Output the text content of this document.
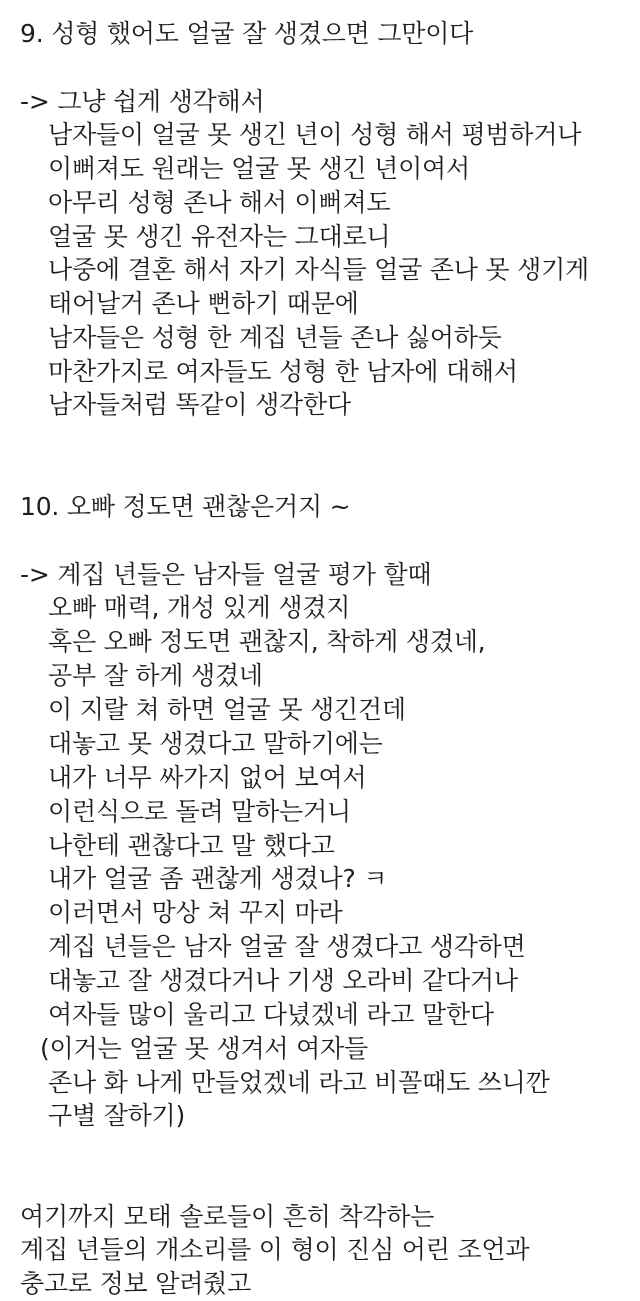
9. 성형 했어도 얼굴 잘 생겼으면 그만이다
-> 그냥 쉽게 생각해서
남자들이 얼굴 못 생긴 년이 성형 해서 평범하거나
이뻐져도 원래는 얼굴 못 생긴 년이여서
아무리 성형 존나 해서 이뻐져도
얼굴 못 생긴 유전자는 그대로니
나중에 결혼 해서 자기 자식들 얼굴 존나 못 생기게
태어날거 존나 뻔하기 때문에
남자들은 성형 한 계집 년들 존나 싫어하듯
마찬가지로 여자들도 성형 한 남자에 대해서
남자들처럼 똑같이 생각한다
10. 오빠 정도면 괜찮은거지 ~
-> 계집 년들은 남자들 얼굴 평가 할때
오빠 매력, 개성 있게 생겼지
혹은 오빠 정도면 괜찮지, 착하게 생겼네,
공부 잘 하게 생겼네
이 지랄 쳐 하면 얼굴 못 생긴건데
대놓고 못 생겼다고 말하기에는
내가 너무 싸가지 없어 보여서
이런식으로 돌려 말하는거니
나한테 괜찮다고 말 했다고
내가 얼굴 좀 괜찮게 생겼나? ㅋ
이러면서 망상 쳐 꾸지 마라
계집 년들은 남자 얼굴 잘 생겼다고 생각하면
대놓고 잘 생겼다거나 기생 오라비 같다거나
여자들 많이 울리고 다녔겠네 라고 말한다
(이거는 얼굴 못 생겨서 여자들
존나 화 나게 만들었겠네 라고 비꼴때도 쓰니깐
구별 잘하기)
여기까지 모태 솔로들이 흔히 착각하는
계집 년들의 개소리를 이 형이 진심 어린 조언과
충고로 정보 알려줬고
